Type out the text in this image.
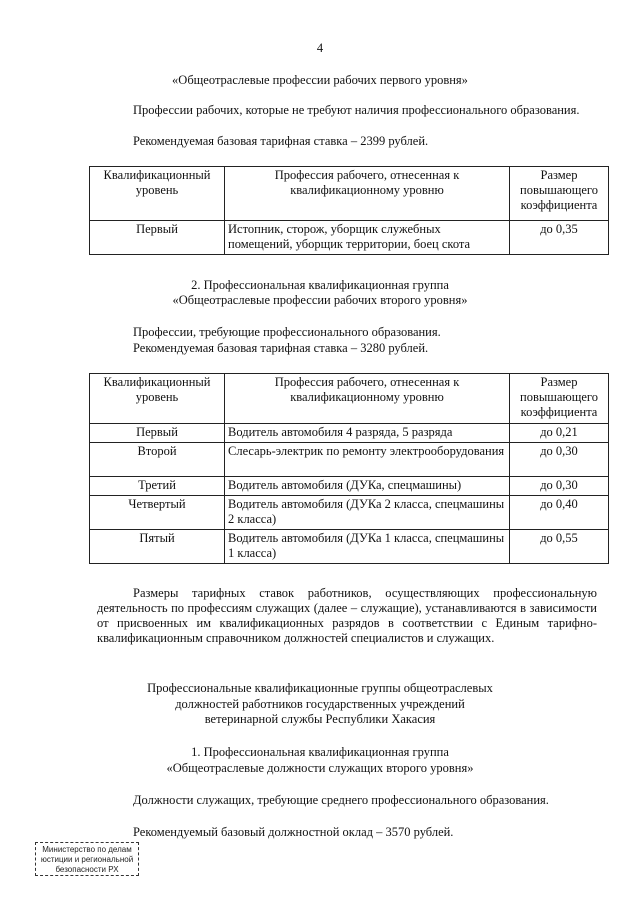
4
«Общеотраслевые профессии рабочих первого уровня»
Профессии рабочих, которые не требуют наличия профессионального образования.
Рекомендуемая базовая тарифная ставка – 2399 рублей.
Квалификационный уровень	Профессия рабочего, отнесенная к квалификационному уровню	Размер повышающего коэффициента
Первый	Истопник, сторож, уборщик служебных помещений, уборщик территории, боец скота	до 0,35
2. Профессиональная квалификационная группа
«Общеотраслевые профессии рабочих второго уровня»
Профессии, требующие профессионального образования.
Рекомендуемая базовая тарифная ставка – 3280 рублей.
Квалификационный уровень	Профессия рабочего, отнесенная к квалификационному уровню	Размер повышающего коэффициента
Первый	Водитель автомобиля 4 разряда, 5 разряда	до 0,21
Второй	Слесарь-электрик по ремонту электрооборудования	до 0,30
Третий	Водитель автомобиля (ДУКа, спецмашины)	до 0,30
Четвертый	Водитель автомобиля (ДУКа 2 класса, спецмашины 2 класса)	до 0,40
Пятый	Водитель автомобиля (ДУКа 1 класса, спецмашины 1 класса)	до 0,55
Размеры тарифных ставок работников, осуществляющих профессиональную деятельность по профессиям служащих (далее – служащие), устанавливаются в зависимости от присвоенных им квалификационных разрядов в соответствии с Единым тарифно-квалификационным справочником должностей специалистов и служащих.
Профессиональные квалификационные группы общеотраслевых
должностей работников государственных учреждений
ветеринарной службы Республики Хакасия
1. Профессиональная квалификационная группа
«Общеотраслевые должности служащих второго уровня»
Должности служащих, требующие среднего профессионального образования.
Рекомендуемый базовый должностной оклад – 3570 рублей.
Министерство по делам
юстиции и региональной
безопасности РХ
